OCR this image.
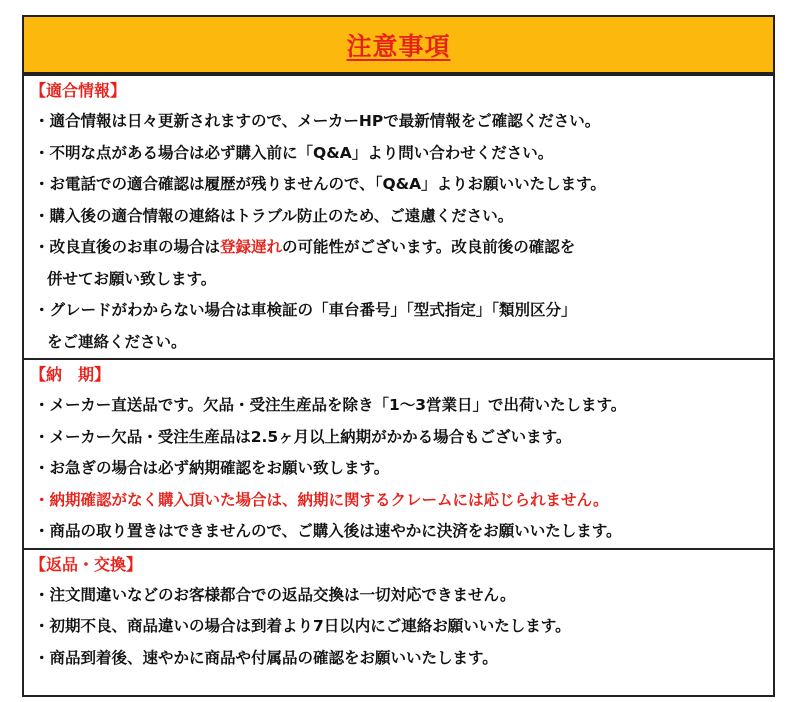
注意事項
【適合情報】
・ 適合情報は日々更新されますので、メーカーHPで最新情報をご確認ください。
・ 不明な点がある場合は必ず購入前に「Q&A」より問い合わせください。
・ お電話での適合確認は履歴が残りませんので、「Q&A」よりお願いいたします。
・ 購入後の適合情報の連絡はトラブル防止のため、ご遠慮ください。
・ 改良直後のお車の場合は登録遅れの可能性がございます。改良前後の確認を
併せてお願い致します。
・ グレードがわからない場合は車検証の「車台番号」「型式指定」「類別区分」
をご連絡ください。
【納　期】
・ メーカー直送品です。欠品・受注生産品を除き「1～3営業日」で出荷いたします。
・ メーカー欠品・受注生産品は2.5ヶ月以上納期がかかる場合もございます。
・ お急ぎの場合は必ず納期確認をお願い致します。
・ 納期確認がなく購入頂いた場合は、納期に関するクレームには応じられません。
・ 商品の取り置きはできませんので、ご購入後は速やかに決済をお願いいたします。
【返品・交換】
・ 注文間違いなどのお客様都合での返品交換は一切対応できません。
・ 初期不良、商品違いの場合は到着より7日以内にご連絡お願いいたします。
・ 商品到着後、速やかに商品や付属品の確認をお願いいたします。
